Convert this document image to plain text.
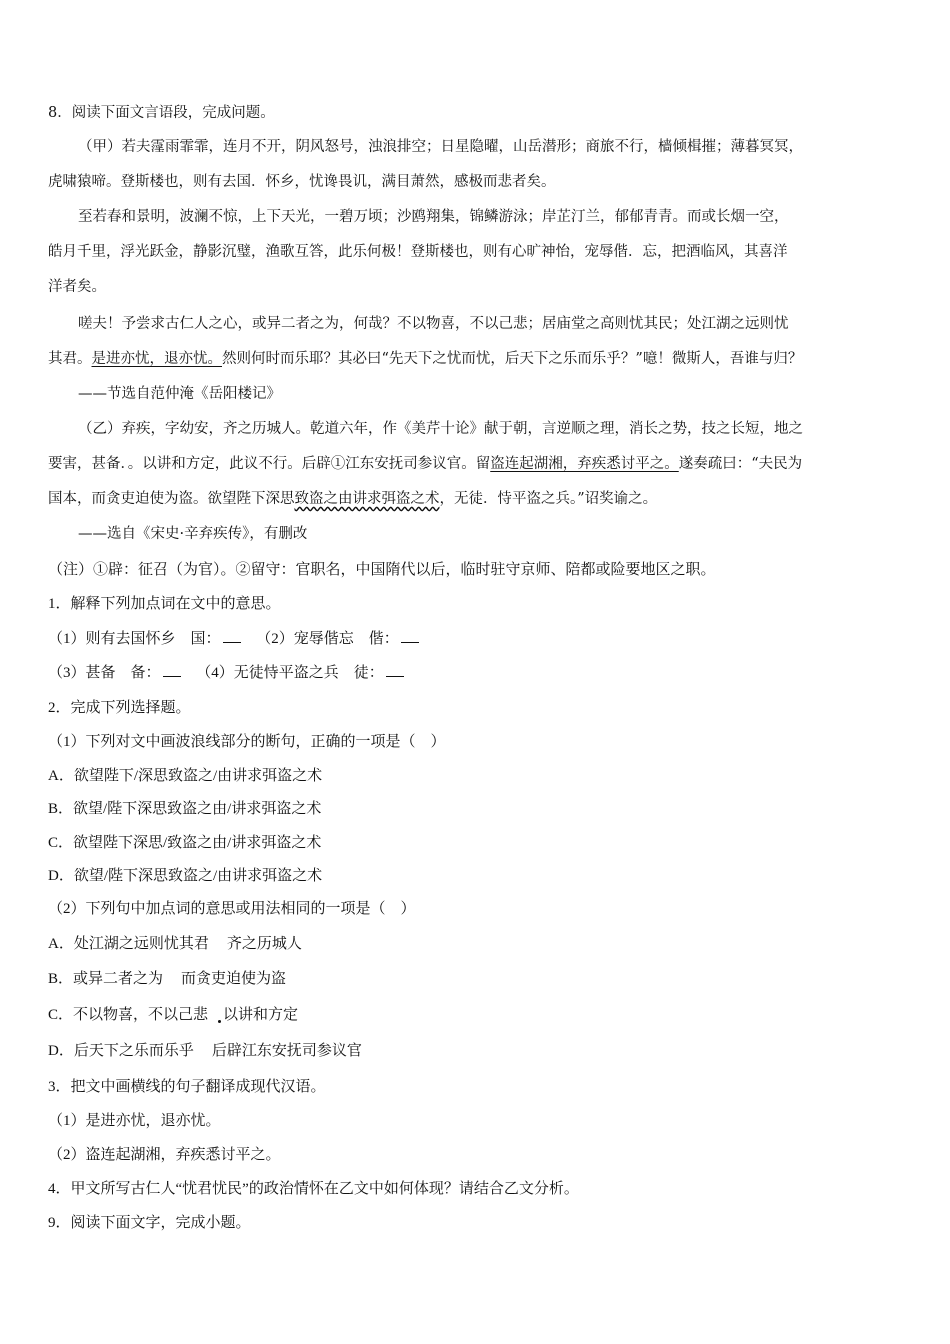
8．阅读下面文言语段，完成问题。
（甲）若夫霪雨霏霏，连月不开，阴风怒号，浊浪排空；日星隐曜，山岳潜形；商旅不行，樯倾楫摧；薄暮冥冥，
虎啸猿啼。登斯楼也，则有去国．怀乡，忧谗畏讥，满目萧然，感极而悲者矣。
至若春和景明，波澜不惊，上下天光，一碧万顷；沙鸥翔集，锦鳞游泳；岸芷汀兰，郁郁青青。而或长烟一空，
皓月千里，浮光跃金，静影沉璧，渔歌互答，此乐何极！登斯楼也，则有心旷神怡，宠辱偕．忘，把酒临风，其喜洋
洋者矣。
嗟夫！予尝求古仁人之心，或异二者之为，何哉？不以物喜，不以己悲；居庙堂之高则忧其民；处江湖之远则忧
其君。是进亦忧，退亦忧。然则何时而乐耶？其必曰“先天下之忧而忧，后天下之乐而乐乎？”噫！微斯人，吾谁与归？
——节选自范仲淹《岳阳楼记》
（乙）弃疾，字幼安，齐之历城人。乾道六年，作《美芹十论》献于朝，言逆顺之理，消长之势，技之长短，地之
要害，甚备．。以讲和方定，此议不行。后辟①江东安抚司参议官。留盗连起湖湘，弃疾悉讨平之。遂奏疏曰：“夫民为
国本，而贪吏迫使为盗。欲望陛下深思致盗之由讲求弭盗之术，无徒．恃平盗之兵。”诏奖谕之。
——选自《宋史·辛弃疾传》，有删改
（注）①辟：征召（为官）。②留守：官职名，中国隋代以后，临时驻守京师、陪都或险要地区之职。
1．解释下列加点词在文中的意思。
（1）则有去国怀乡　国： （2）宠辱偕忘　偕：
（3）甚备　备： （4）无徒恃平盗之兵　徒：
2．完成下列选择题。
（1）下列对文中画波浪线部分的断句，正确的一项是（　）
A．欲望陛下/深思致盗之/由讲求弭盗之术
B．欲望/陛下深思致盗之由/讲求弭盗之术
C．欲望陛下深思/致盗之由/讲求弭盗之术
D．欲望/陛下深思致盗之/由讲求弭盗之术
（2）下列句中加点词的意思或用法相同的一项是（　）
A．处江湖之远则忧其君 齐之历城人
B．或异二者之为 而贪吏迫使为盗
C．不以物喜，不以己悲 以讲和方定
D．后天下之乐而乐乎 后辟江东安抚司参议官
3．把文中画横线的句子翻译成现代汉语。
（1）是进亦忧，退亦忧。
（2）盗连起湖湘，弃疾悉讨平之。
4．甲文所写古仁人“忧君忧民”的政治情怀在乙文中如何体现？请结合乙文分析。
9．阅读下面文字，完成小题。
